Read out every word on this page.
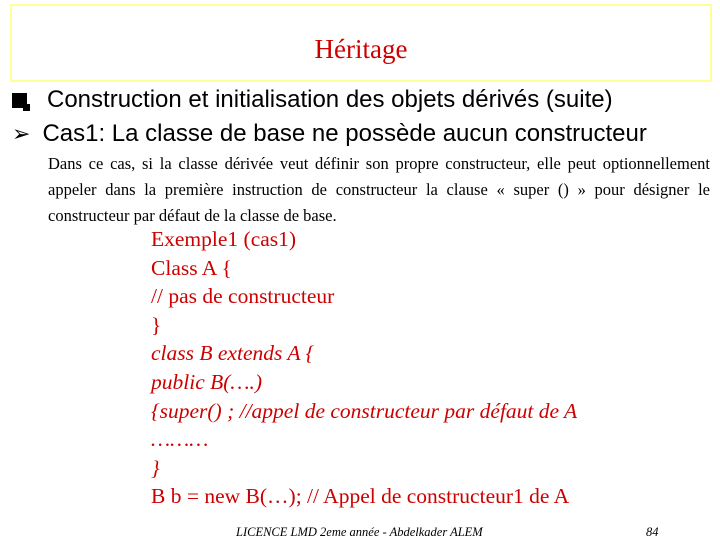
Héritage
Construction et initialisation des objets dérivés (suite)
➢ Cas1: La classe de base ne possède aucun constructeur
Dans ce cas, si la classe dérivée veut définir son propre constructeur, elle peut optionnellement appeler dans la première instruction de constructeur la clause « super () » pour désigner le constructeur par défaut de la classe de base.
Exemple1 (cas1)
Class A {
// pas de constructeur
}
class B extends A {
public B(….)
{super() ; //appel de constructeur par défaut de A
………
}
B b = new B(…); // Appel de constructeur1 de A
LICENCE LMD 2eme année - Abdelkader ALEM	84
